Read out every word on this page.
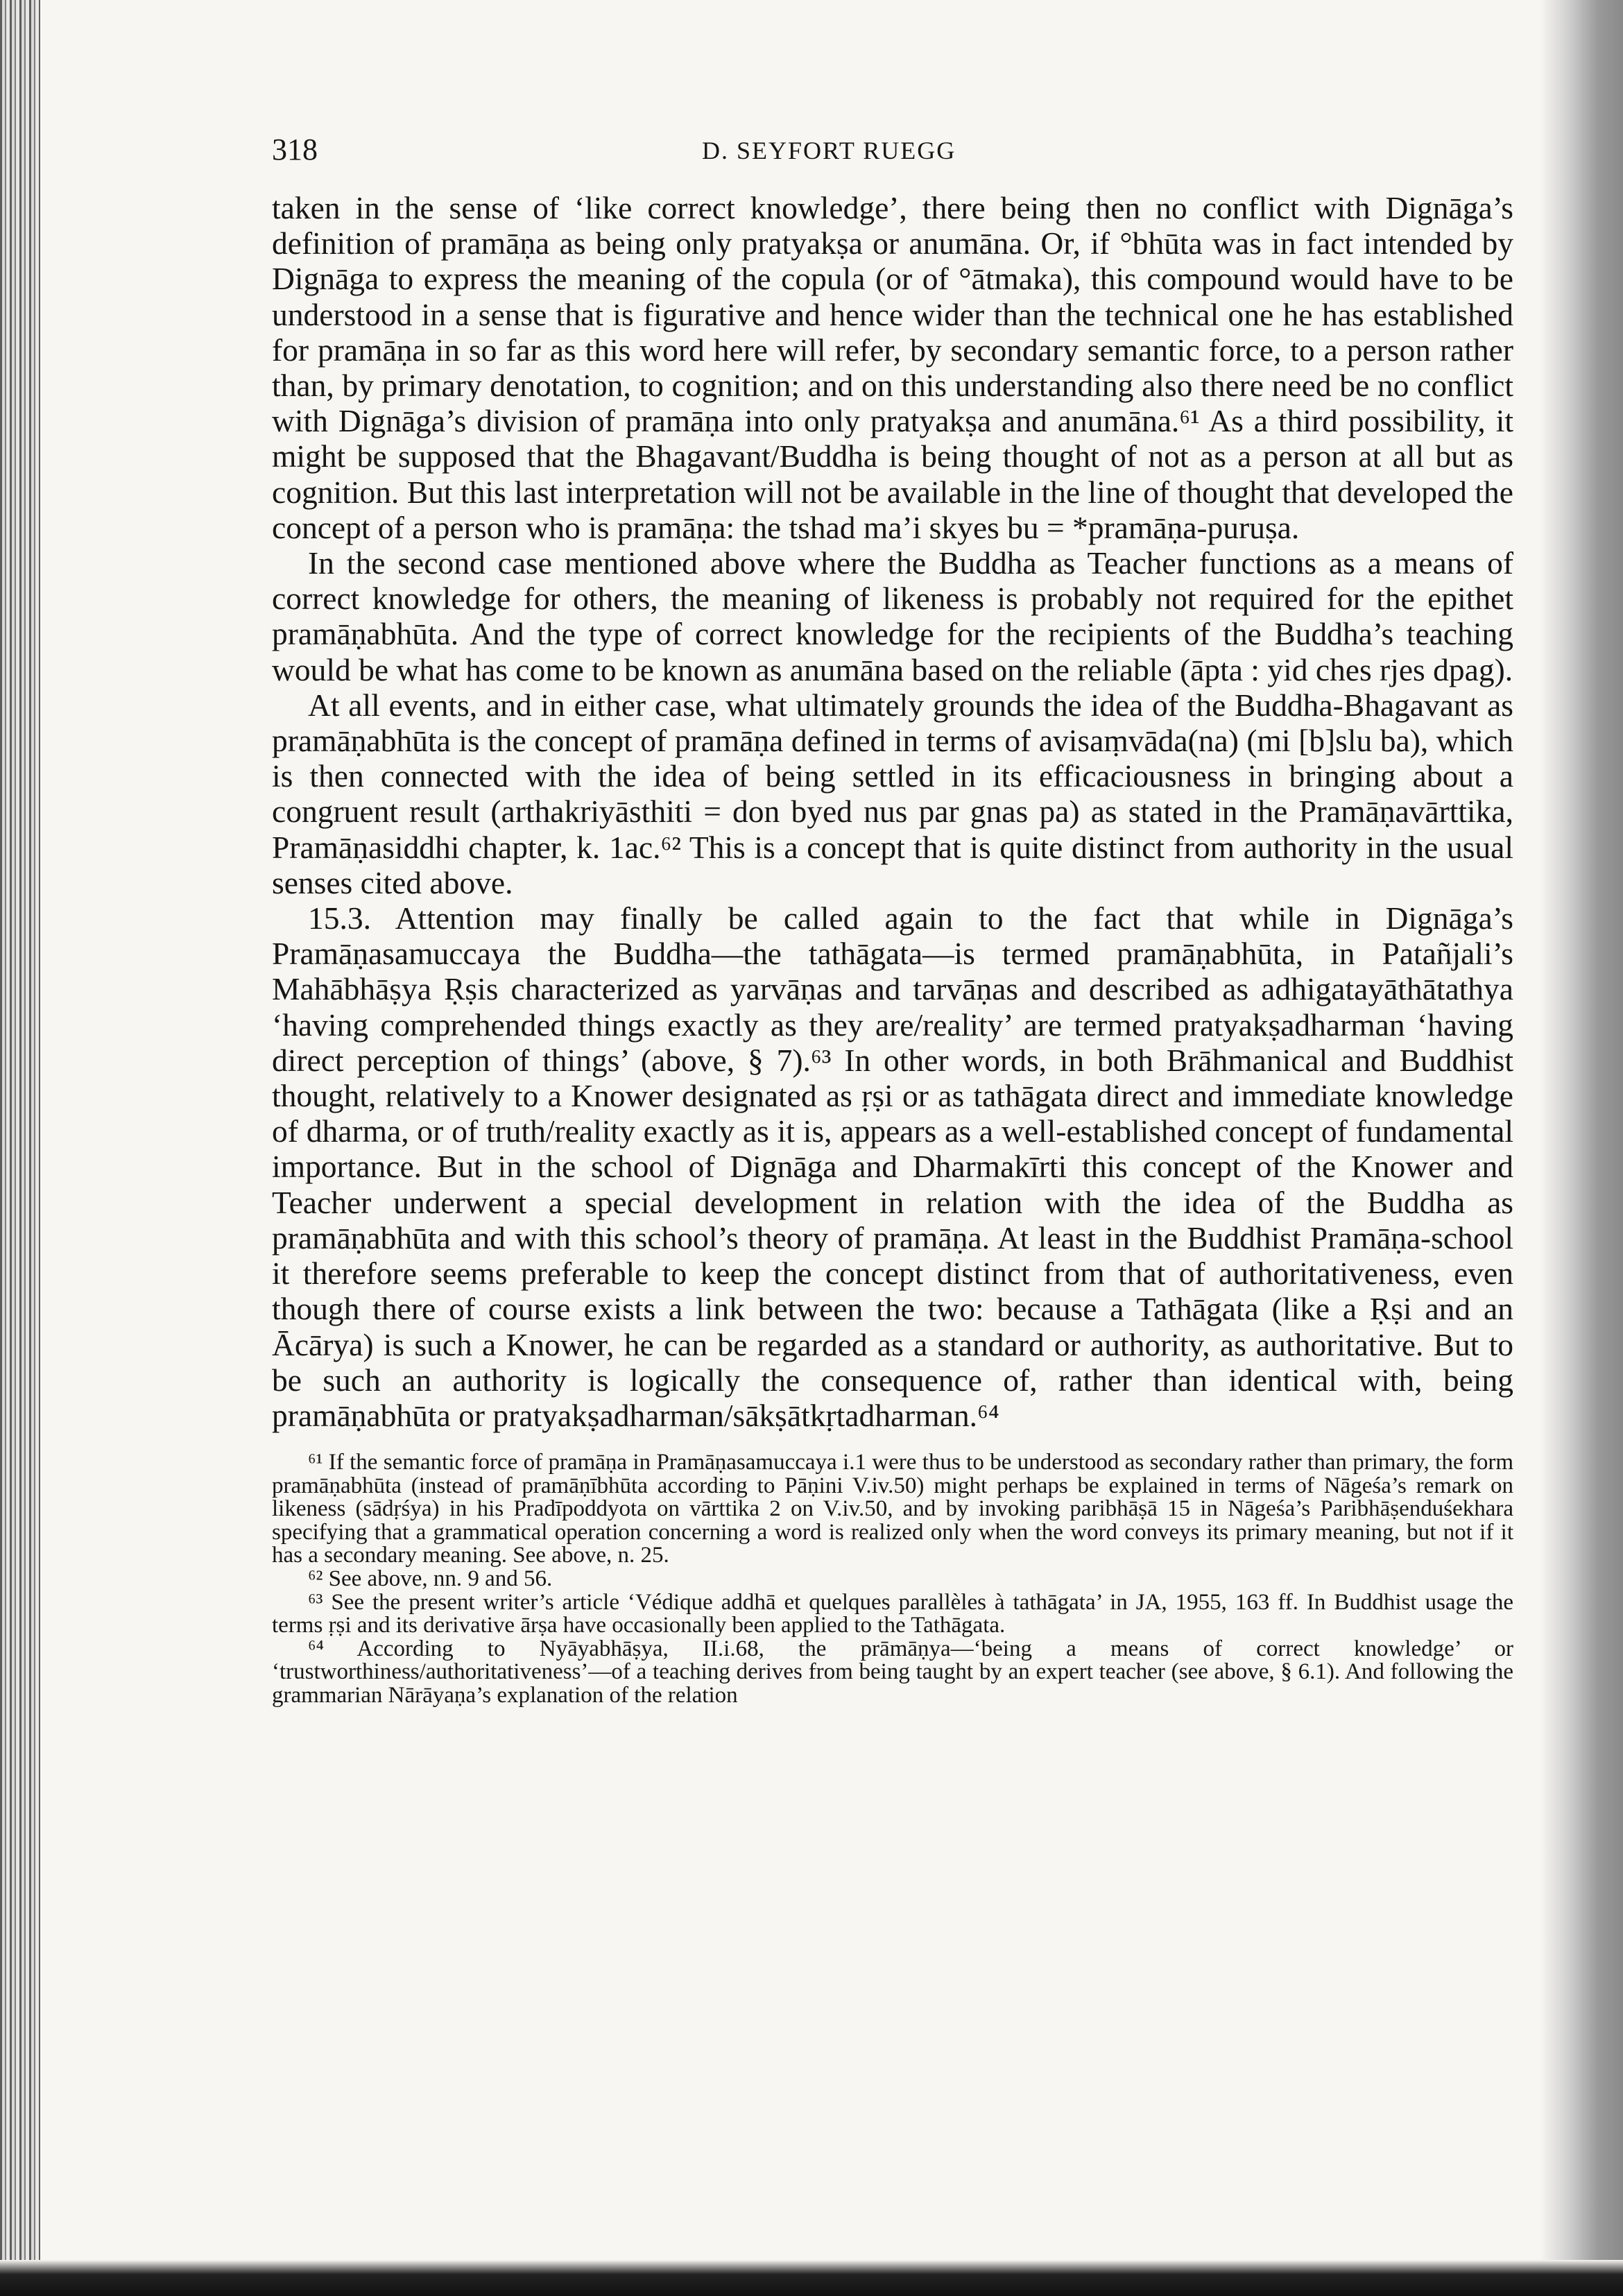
318	D. SEYFORT RUEGG

taken in the sense of ‘like correct knowledge’, there being then no conflict with Dignāga’s definition of pramāṇa as being only pratyakṣa or anumāna. Or, if °bhūta was in fact intended by Dignāga to express the meaning of the copula (or of °ātmaka), this compound would have to be understood in a sense that is figurative and hence wider than the technical one he has established for pramāṇa in so far as this word here will refer, by secondary semantic force, to a person rather than, by primary denotation, to cognition; and on this understanding also there need be no conflict with Dignāga’s division of pramāṇa into only pratyakṣa and anumāna.⁶¹ As a third possibility, it might be supposed that the Bhagavant/Buddha is being thought of not as a person at all but as cognition. But this last interpretation will not be available in the line of thought that developed the concept of a person who is pramāṇa: the tshad ma’i skyes bu = *pramāṇa-puruṣa.

In the second case mentioned above where the Buddha as Teacher functions as a means of correct knowledge for others, the meaning of likeness is probably not required for the epithet pramāṇabhūta. And the type of correct knowledge for the recipients of the Buddha’s teaching would be what has come to be known as anumāna based on the reliable (āpta : yid ches rjes dpag).

At all events, and in either case, what ultimately grounds the idea of the Buddha-Bhagavant as pramāṇabhūta is the concept of pramāṇa defined in terms of avisaṃvāda(na) (mi [b]slu ba), which is then connected with the idea of being settled in its efficaciousness in bringing about a congruent result (arthakriyāsthiti = don byed nus par gnas pa) as stated in the Pramāṇavārttika, Pramāṇasiddhi chapter, k. 1ac.⁶² This is a concept that is quite distinct from authority in the usual senses cited above.

15.3. Attention may finally be called again to the fact that while in Dignāga’s Pramāṇasamuccaya the Buddha—the tathāgata—is termed pramāṇabhūta, in Patañjali’s Mahābhāṣya Ṛṣis characterized as yarvāṇas and tarvāṇas and described as adhigatayāthātathya ‘having comprehended things exactly as they are/reality’ are termed pratyakṣadharman ‘having direct perception of things’ (above, § 7).⁶³ In other words, in both Brāhmanical and Buddhist thought, relatively to a Knower designated as ṛṣi or as tathāgata direct and immediate knowledge of dharma, or of truth/reality exactly as it is, appears as a well-established concept of fundamental importance. But in the school of Dignāga and Dharmakīrti this concept of the Knower and Teacher underwent a special development in relation with the idea of the Buddha as pramāṇabhūta and with this school’s theory of pramāṇa. At least in the Buddhist Pramāṇa-school it therefore seems preferable to keep the concept distinct from that of authoritativeness, even though there of course exists a link between the two: because a Tathāgata (like a Ṛṣi and an Ācārya) is such a Knower, he can be regarded as a standard or authority, as authoritative. But to be such an authority is logically the consequence of, rather than identical with, being pramāṇabhūta or pratyakṣadharman/sākṣātkṛtadharman.⁶⁴

⁶¹ If the semantic force of pramāṇa in Pramāṇasamuccaya i.1 were thus to be understood as secondary rather than primary, the form pramāṇabhūta (instead of pramāṇībhūta according to Pāṇini V.iv.50) might perhaps be explained in terms of Nāgeśa’s remark on likeness (sādṛśya) in his Pradīpoddyota on vārttika 2 on V.iv.50, and by invoking paribhāṣā 15 in Nāgeśa’s Paribhāṣenduśekhara specifying that a grammatical operation concerning a word is realized only when the word conveys its primary meaning, but not if it has a secondary meaning. See above, n. 25.

⁶² See above, nn. 9 and 56.

⁶³ See the present writer’s article ‘Védique addhā et quelques parallèles à tathāgata’ in JA, 1955, 163 ff. In Buddhist usage the terms ṛṣi and its derivative ārṣa have occasionally been applied to the Tathāgata.

⁶⁴ According to Nyāyabhāṣya, II.i.68, the prāmāṇya—‘being a means of correct knowledge’ or ‘trustworthiness/authoritativeness’—of a teaching derives from being taught by an expert teacher (see above, § 6.1). And following the grammarian Nārāyaṇa’s explanation of the relation
